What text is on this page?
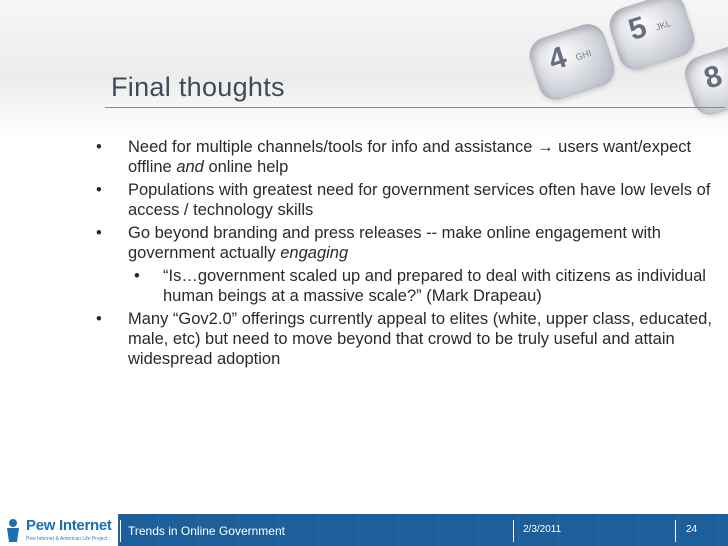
4 GHI
5 JKL
8
Final thoughts
• Need for multiple channels/tools for info and assistance → users want/expect offline and online help
• Populations with greatest need for government services often have low levels of access / technology skills
• Go beyond branding and press releases -- make online engagement with government actually engaging
• “Is…government scaled up and prepared to deal with citizens as individual human beings at a massive scale?” (Mark Drapeau)
• Many “Gov2.0” offerings currently appeal to elites (white, upper class, educated, male, etc) but need to move beyond that crowd to be truly useful and attain widespread adoption
Pew Internet
Pew Internet & American Life Project
Trends in Online Government	2/3/2011	24
